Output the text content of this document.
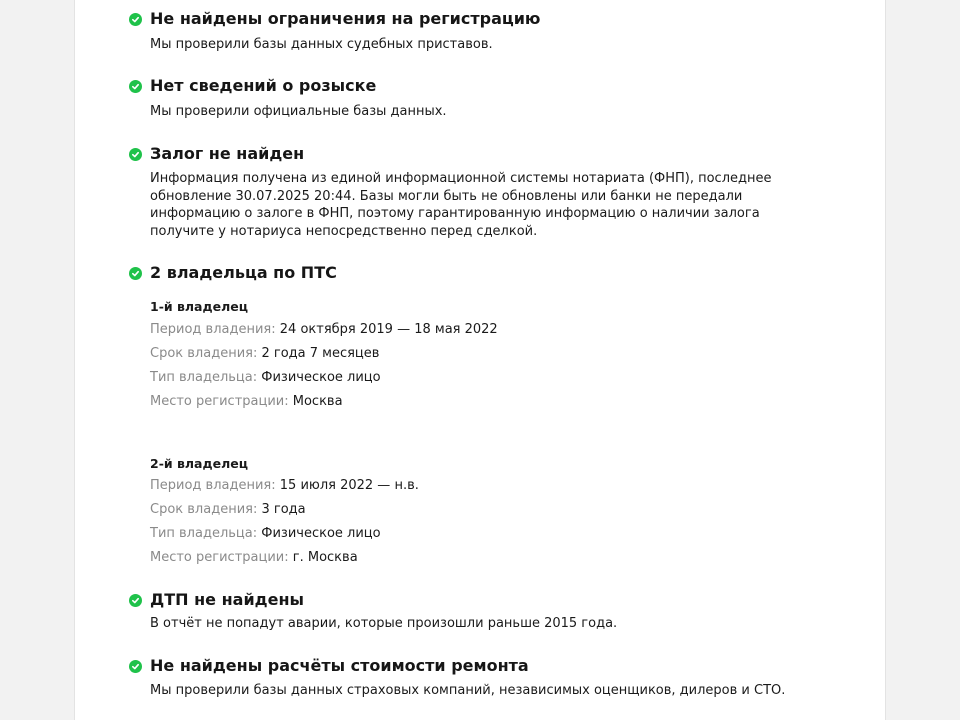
Не найдены ограничения на регистрацию
Мы проверили базы данных судебных приставов.
Нет сведений о розыске
Мы проверили официальные базы данных.
Залог не найден
Информация получена из единой информационной системы нотариата (ФНП), последнее обновление 30.07.2025 20:44. Базы могли быть не обновлены или банки не передали информацию о залоге в ФНП, поэтому гарантированную информацию о наличии залога получите у нотариуса непосредственно перед сделкой.
2 владельца по ПТС
1-й владелец
Период владения: 24 октября 2019 — 18 мая 2022
Срок владения: 2 года 7 месяцев
Тип владельца: Физическое лицо
Место регистрации: Москва
2-й владелец
Период владения: 15 июля 2022 — н.в.
Срок владения: 3 года
Тип владельца: Физическое лицо
Место регистрации: г. Москва
ДТП не найдены
В отчёт не попадут аварии, которые произошли раньше 2015 года.
Не найдены расчёты стоимости ремонта
Мы проверили базы данных страховых компаний, независимых оценщиков, дилеров и СТО.
